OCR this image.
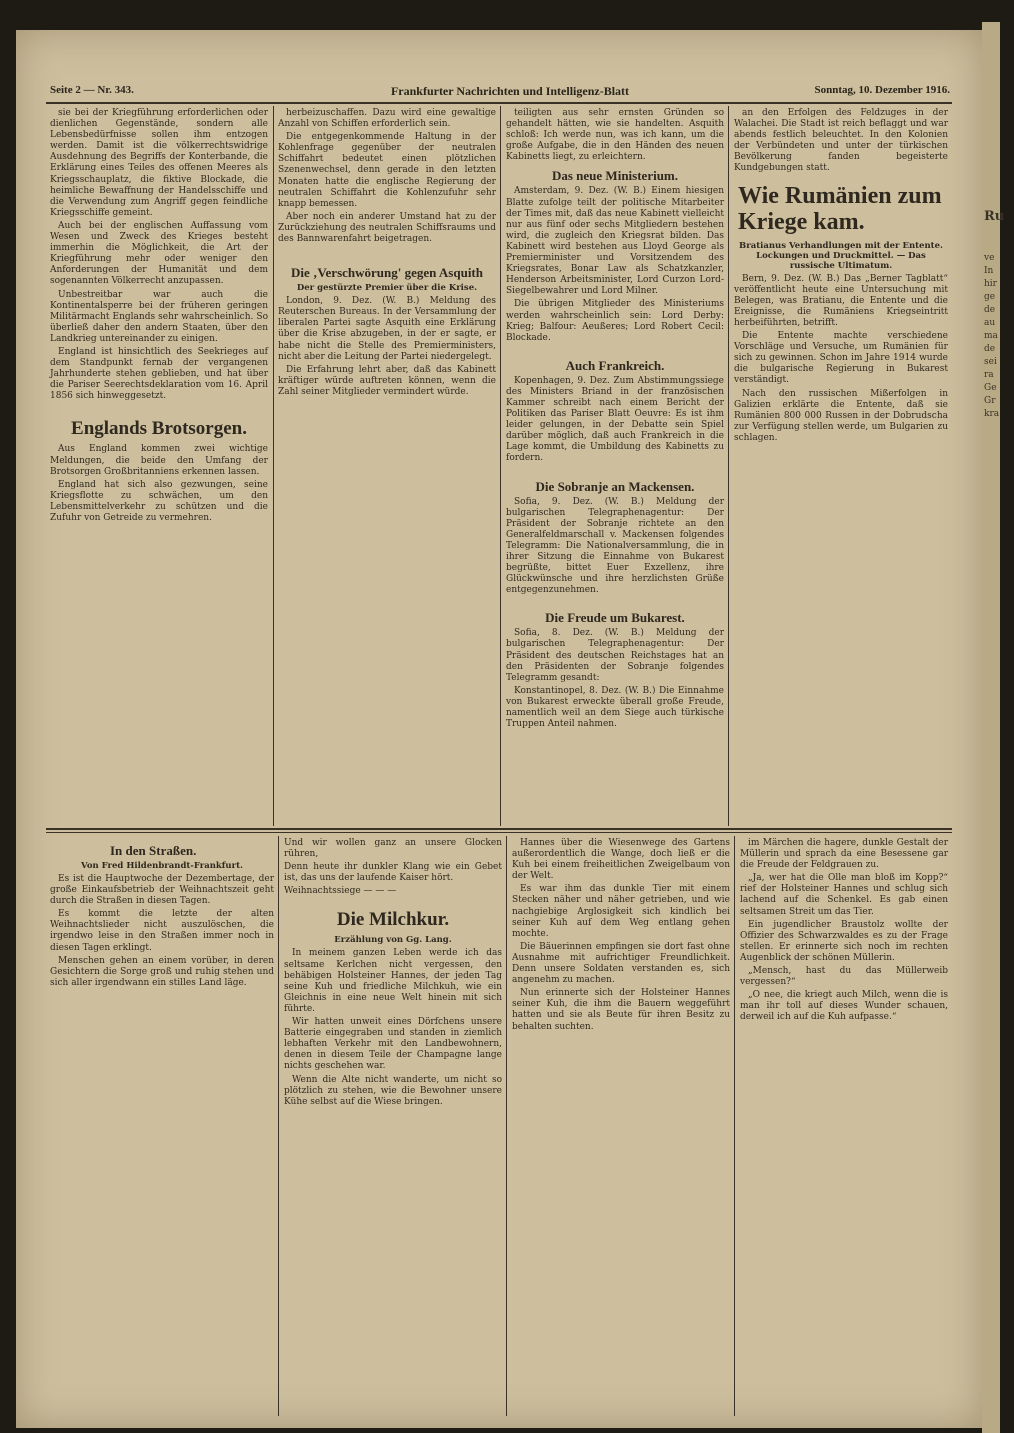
Seite 2 — Nr. 343.	Frankfurter Nachrichten und Intelligenz-Blatt	Sonntag, 10. Dezember 1916.

sie bei der Kriegführung erforderlichen oder dienlichen Gegenstände, sondern alle Lebensbedürfnisse sollen ihm entzogen werden. Damit ist die völkerrechtswidrige Ausdehnung des Begriffs der Konterbande, die Erklärung eines Teiles des offenen Meeres als Kriegsschauplatz, die fiktive Blockade, die heimliche Bewaffnung der Handelsschiffe und die Verwendung zum Angriff gegen feindliche Kriegsschiffe gemeint.

Auch bei der englischen Auffassung vom Wesen und Zweck des Krieges besteht immerhin die Möglichkeit, die Art der Kriegführung mehr oder weniger den Anforderungen der Humanität und dem sogenannten Völkerrecht anzupassen.

Unbestreitbar war auch die Kontinentalsperre bei der früheren geringen Militärmacht Englands sehr wahrscheinlich. So überließ daher den andern Staaten, über den Landkrieg untereinander zu einigen.

England ist hinsichtlich des Seekrieges auf dem Standpunkt fernab der vergangenen Jahrhunderte stehen geblieben, und hat über die Pariser Seerechtsdeklaration vom 16. April 1856 sich hinweggesetzt.

Englands Brotsorgen.

Aus England kommen zwei wichtige Meldungen, die beide den Umfang der Brotsorgen Großbritanniens erkennen lassen.

England hat sich also gezwungen, seine Kriegsflotte zu schwächen, um den Lebensmittelverkehr zu schützen und die Zufuhr von Getreide zu vermehren.

herbeizuschaffen. Dazu wird eine gewaltige Anzahl von Schiffen erforderlich sein.

Die entgegenkommende Haltung in der Kohlenfrage gegenüber der neutralen Schiffahrt bedeutet einen plötzlichen Szenenwechsel, denn gerade in den letzten Monaten hatte die englische Regierung der neutralen Schiffahrt die Kohlenzufuhr sehr knapp bemessen.

Aber noch ein anderer Umstand hat zu der Zurückziehung des neutralen Schiffsraums und des Bannwarenfahrt beigetragen.

Die ‚Verschwörung' gegen Asquith
Der gestürzte Premier über die Krise.

London, 9. Dez. (W. B.) Meldung des Reuterschen Bureaus. In der Versammlung der liberalen Partei sagte Asquith eine Erklärung über die Krise abzugeben, in der er sagte, er habe nicht die Stelle des Premierministers, nicht aber die Leitung der Partei niedergelegt.

Die Erfahrung lehrt aber, daß das Kabinett kräftiger würde auftreten können, wenn die Zahl seiner Mitglieder vermindert würde.

teiligten aus sehr ernsten Gründen so gehandelt hätten, wie sie handelten. Asquith schloß: Ich werde nun, was ich kann, um die große Aufgabe, die in den Händen des neuen Kabinetts liegt, zu erleichtern.

Das neue Ministerium.

Amsterdam, 9. Dez. (W. B.) Einem hiesigen Blatte zufolge teilt der politische Mitarbeiter der Times mit, daß das neue Kabinett vielleicht nur aus fünf oder sechs Mitgliedern bestehen wird, die zugleich den Kriegsrat bilden. Das Kabinett wird bestehen aus Lloyd George als Premierminister und Vorsitzendem des Kriegsrates, Bonar Law als Schatzkanzler, Henderson Arbeitsminister, Lord Curzon Lord-Siegelbewahrer und Lord Milner.

Die übrigen Mitglieder des Ministeriums werden wahrscheinlich sein: Lord Derby: Krieg; Balfour: Aeußeres; Lord Robert Cecil: Blockade.

Auch Frankreich.

Kopenhagen, 9. Dez. Zum Abstimmungssiege des Ministers Briand in der französischen Kammer schreibt nach einem Bericht der Politiken das Pariser Blatt Oeuvre: Es ist ihm leider gelungen, in der Debatte sein Spiel darüber möglich, daß auch Frankreich in die Lage kommt, die Umbildung des Kabinetts zu fordern.

Die Sobranje an Mackensen.

Sofia, 9. Dez. (W. B.) Meldung der bulgarischen Telegraphenagentur: Der Präsident der Sobranje richtete an den Generalfeldmarschall v. Mackensen folgendes Telegramm: Die Nationalversammlung, die in ihrer Sitzung die Einnahme von Bukarest begrüßte, bittet Euer Exzellenz, ihre Glückwünsche und ihre herzlichsten Grüße entgegenzunehmen.

Die Freude um Bukarest.

Sofia, 8. Dez. (W. B.) Meldung der bulgarischen Telegraphenagentur: Der Präsident des deutschen Reichstages hat an den Präsidenten der Sobranje folgendes Telegramm gesandt:

Konstantinopel, 8. Dez. (W. B.) Die Einnahme von Bukarest erweckte überall große Freude, namentlich weil an dem Siege auch türkische Truppen Anteil nahmen.

an den Erfolgen des Feldzuges in der Walachei. Die Stadt ist reich beflaggt und war abends festlich beleuchtet. In den Kolonien der Verbündeten und unter der türkischen Bevölkerung fanden begeisterte Kundgebungen statt.

Wie Rumänien zum Kriege kam.
Bratianus Verhandlungen mit der Entente. Lockungen und Druckmittel. — Das russische Ultimatum.

Bern, 9. Dez. (W. B.) Das „Berner Tagblatt“ veröffentlicht heute eine Untersuchung mit Belegen, was Bratianu, die Entente und die Ereignisse, die Rumäniens Kriegseintritt herbeiführten, betrifft.

Die Entente machte verschiedene Vorschläge und Versuche, um Rumänien für sich zu gewinnen. Schon im Jahre 1914 wurde die bulgarische Regierung in Bukarest verständigt.

Nach den russischen Mißerfolgen in Galizien erklärte die Entente, daß sie Rumänien 800 000 Russen in der Dobrudscha zur Verfügung stellen werde, um Bulgarien zu schlagen.

In den Straßen.
Von Fred Hildenbrandt-Frankfurt.

Es ist die Hauptwoche der Dezembertage, der große Einkaufsbetrieb der Weihnachtszeit geht durch die Straßen in diesen Tagen.

Es kommt die letzte der alten Weihnachtslieder nicht auszulöschen, die irgendwo leise in den Straßen immer noch in diesen Tagen erklingt.

Menschen gehen an einem vorüber, in deren Gesichtern die Sorge groß und ruhig stehen und sich aller irgendwann ein stilles Land läge.

Und wir wollen ganz an unsere Glocken rühren,

Denn heute ihr dunkler Klang wie ein Gebet ist, das uns der laufende Kaiser hört.

Weihnachtssiege — — —

Die Milchkur.
Erzählung von Gg. Lang.

In meinem ganzen Leben werde ich das seltsame Kerlchen nicht vergessen, den behäbigen Holsteiner Hannes, der jeden Tag seine Kuh und friedliche Milchkuh, wie ein Gleichnis in eine neue Welt hinein mit sich führte.

Wir hatten unweit eines Dörfchens unsere Batterie eingegraben und standen in ziemlich lebhaften Verkehr mit den Landbewohnern, denen in diesem Teile der Champagne lange nichts geschehen war.

Wenn die Alte nicht wanderte, um nicht so plötzlich zu stehen, wie die Bewohner unsere Kühe selbst auf die Wiese bringen.

Hannes über die Wiesenwege des Gartens außerordentlich die Wange, doch ließ er die Kuh bei einem freiheitlichen Zweigelbaum von der Welt.

Es war ihm das dunkle Tier mit einem Stecken näher und näher getrieben, und wie nachgiebige Arglosigkeit sich kindlich bei seiner Kuh auf dem Weg entlang gehen mochte.

Die Bäuerinnen empfingen sie dort fast ohne Ausnahme mit aufrichtiger Freundlichkeit. Denn unsere Soldaten verstanden es, sich angenehm zu machen.

Nun erinnerte sich der Holsteiner Hannes seiner Kuh, die ihm die Bauern weggeführt hatten und sie als Beute für ihren Besitz zu behalten suchten.

im Märchen die hagere, dunkle Gestalt der Müllerin und sprach da eine Besessene gar die Freude der Feldgrauen zu.

„Ja, wer hat die Olle man bloß im Kopp?“ rief der Holsteiner Hannes und schlug sich lachend auf die Schenkel. Es gab einen seltsamen Streit um das Tier.

Ein jugendlicher Braustolz wollte der Offizier des Schwarzwaldes es zu der Frage stellen. Er erinnerte sich noch im rechten Augenblick der schönen Müllerin.

„Mensch, hast du das Müllerweib vergessen?“

„O nee, die kriegt auch Milch, wenn die is man ihr toll auf dieses Wunder schauen, derweil ich auf die Kuh aufpasse.“

Ru
ve
In
hir
ge
de
au
ma
de
sei
ra
Ge
Gr
kra
